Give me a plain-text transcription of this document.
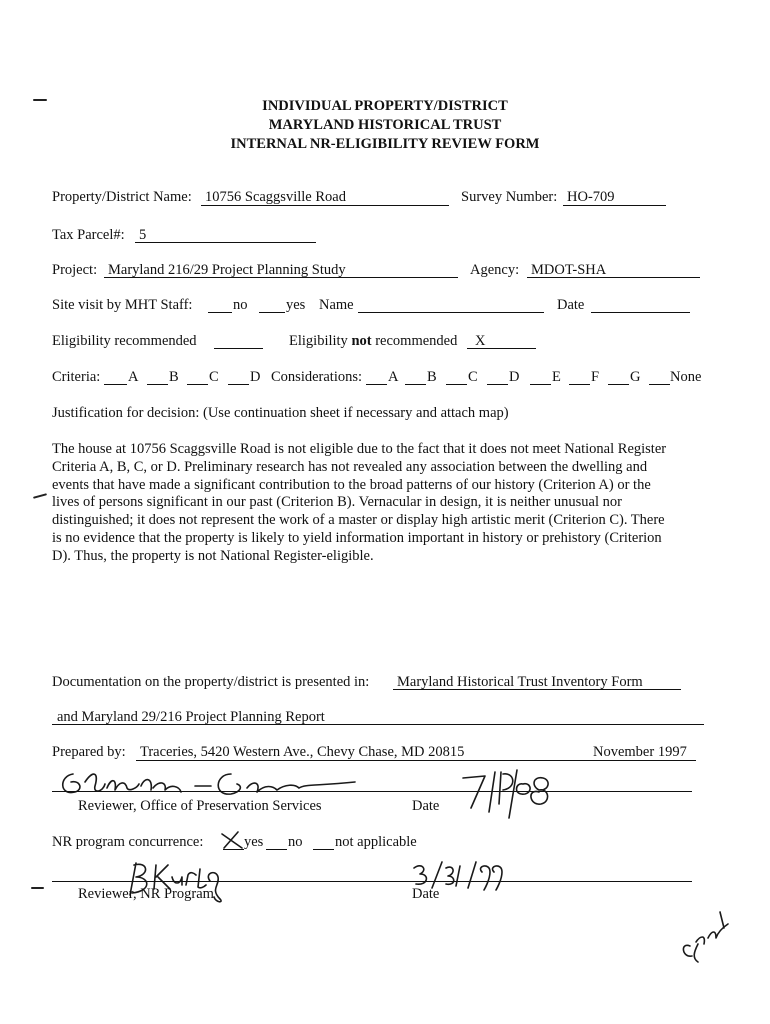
INDIVIDUAL PROPERTY/DISTRICT
MARYLAND HISTORICAL TRUST
INTERNAL NR-ELIGIBILITY REVIEW FORM
Property/District Name: 10756 Scaggsville Road	Survey Number: HO-709
Tax Parcel#: 5
Project: Maryland 216/29 Project Planning Study	Agency: MDOT-SHA
Site visit by MHT Staff:	no	yes Name	Date
Eligibility recommended	Eligibility not recommended X
Criteria: A B C D Considerations: A B C D E F G None
Justification for decision: (Use continuation sheet if necessary and attach map)
The house at 10756 Scaggsville Road is not eligible due to the fact that it does not meet National Register
Criteria A, B, C, or D. Preliminary research has not revealed any association between the dwelling and
events that have made a significant contribution to the broad patterns of our history (Criterion A) or the
lives of persons significant in our past (Criterion B). Vernacular in design, it is neither unusual nor
distinguished; it does not represent the work of a master or display high artistic merit (Criterion C). There
is no evidence that the property is likely to yield information important in history or prehistory (Criterion
D). Thus, the property is not National Register-eligible.
Documentation on the property/district is presented in: Maryland Historical Trust Inventory Form
and Maryland 29/216 Project Planning Report
Prepared by: Traceries, 5420 Western Ave., Chevy Chase, MD 20815	November 1997
Reviewer, Office of Preservation Services	Date
NR program concurrence:	yes no not applicable
Reviewer, NR Program	Date
